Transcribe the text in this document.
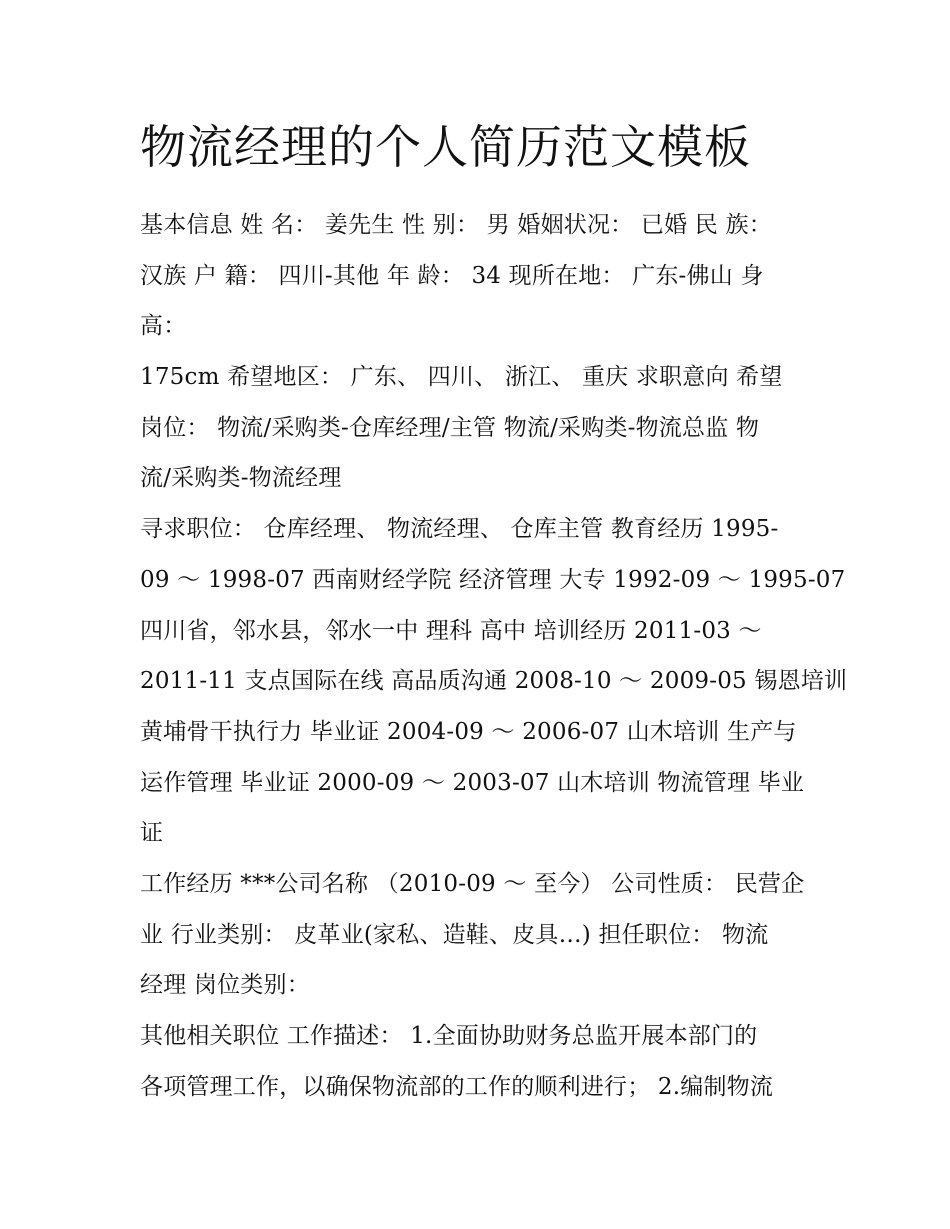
物流经理的个人简历范文模板
基本信息 姓 名： 姜先生 性 别： 男 婚姻状况： 已婚 民 族：
汉族 户 籍： 四川-其他 年 龄： 34 现所在地： 广东-佛山 身
高：
175cm 希望地区： 广东、 四川、 浙江、 重庆 求职意向 希望
岗位： 物流/采购类-仓库经理/主管 物流/采购类-物流总监 物
流/采购类-物流经理
寻求职位： 仓库经理、 物流经理、 仓库主管 教育经历 1995-
09 ～ 1998-07 西南财经学院 经济管理 大专 1992-09 ～ 1995-07
四川省，邻水县，邻水一中 理科 高中 培训经历 2011-03 ～
2011-11 支点国际在线 高品质沟通 2008-10 ～ 2009-05 锡恩培训
黄埔骨干执行力 毕业证 2004-09 ～ 2006-07 山木培训 生产与
运作管理 毕业证 2000-09 ～ 2003-07 山木培训 物流管理 毕业
证
工作经历 ***公司名称 （2010-09 ～ 至今） 公司性质： 民营企
业 行业类别： 皮革业(家私、造鞋、皮具…) 担任职位： 物流
经理 岗位类别：
其他相关职位 工作描述： 1.全面协助财务总监开展本部门的
各项管理工作，以确保物流部的工作的顺利进行； 2.编制物流
